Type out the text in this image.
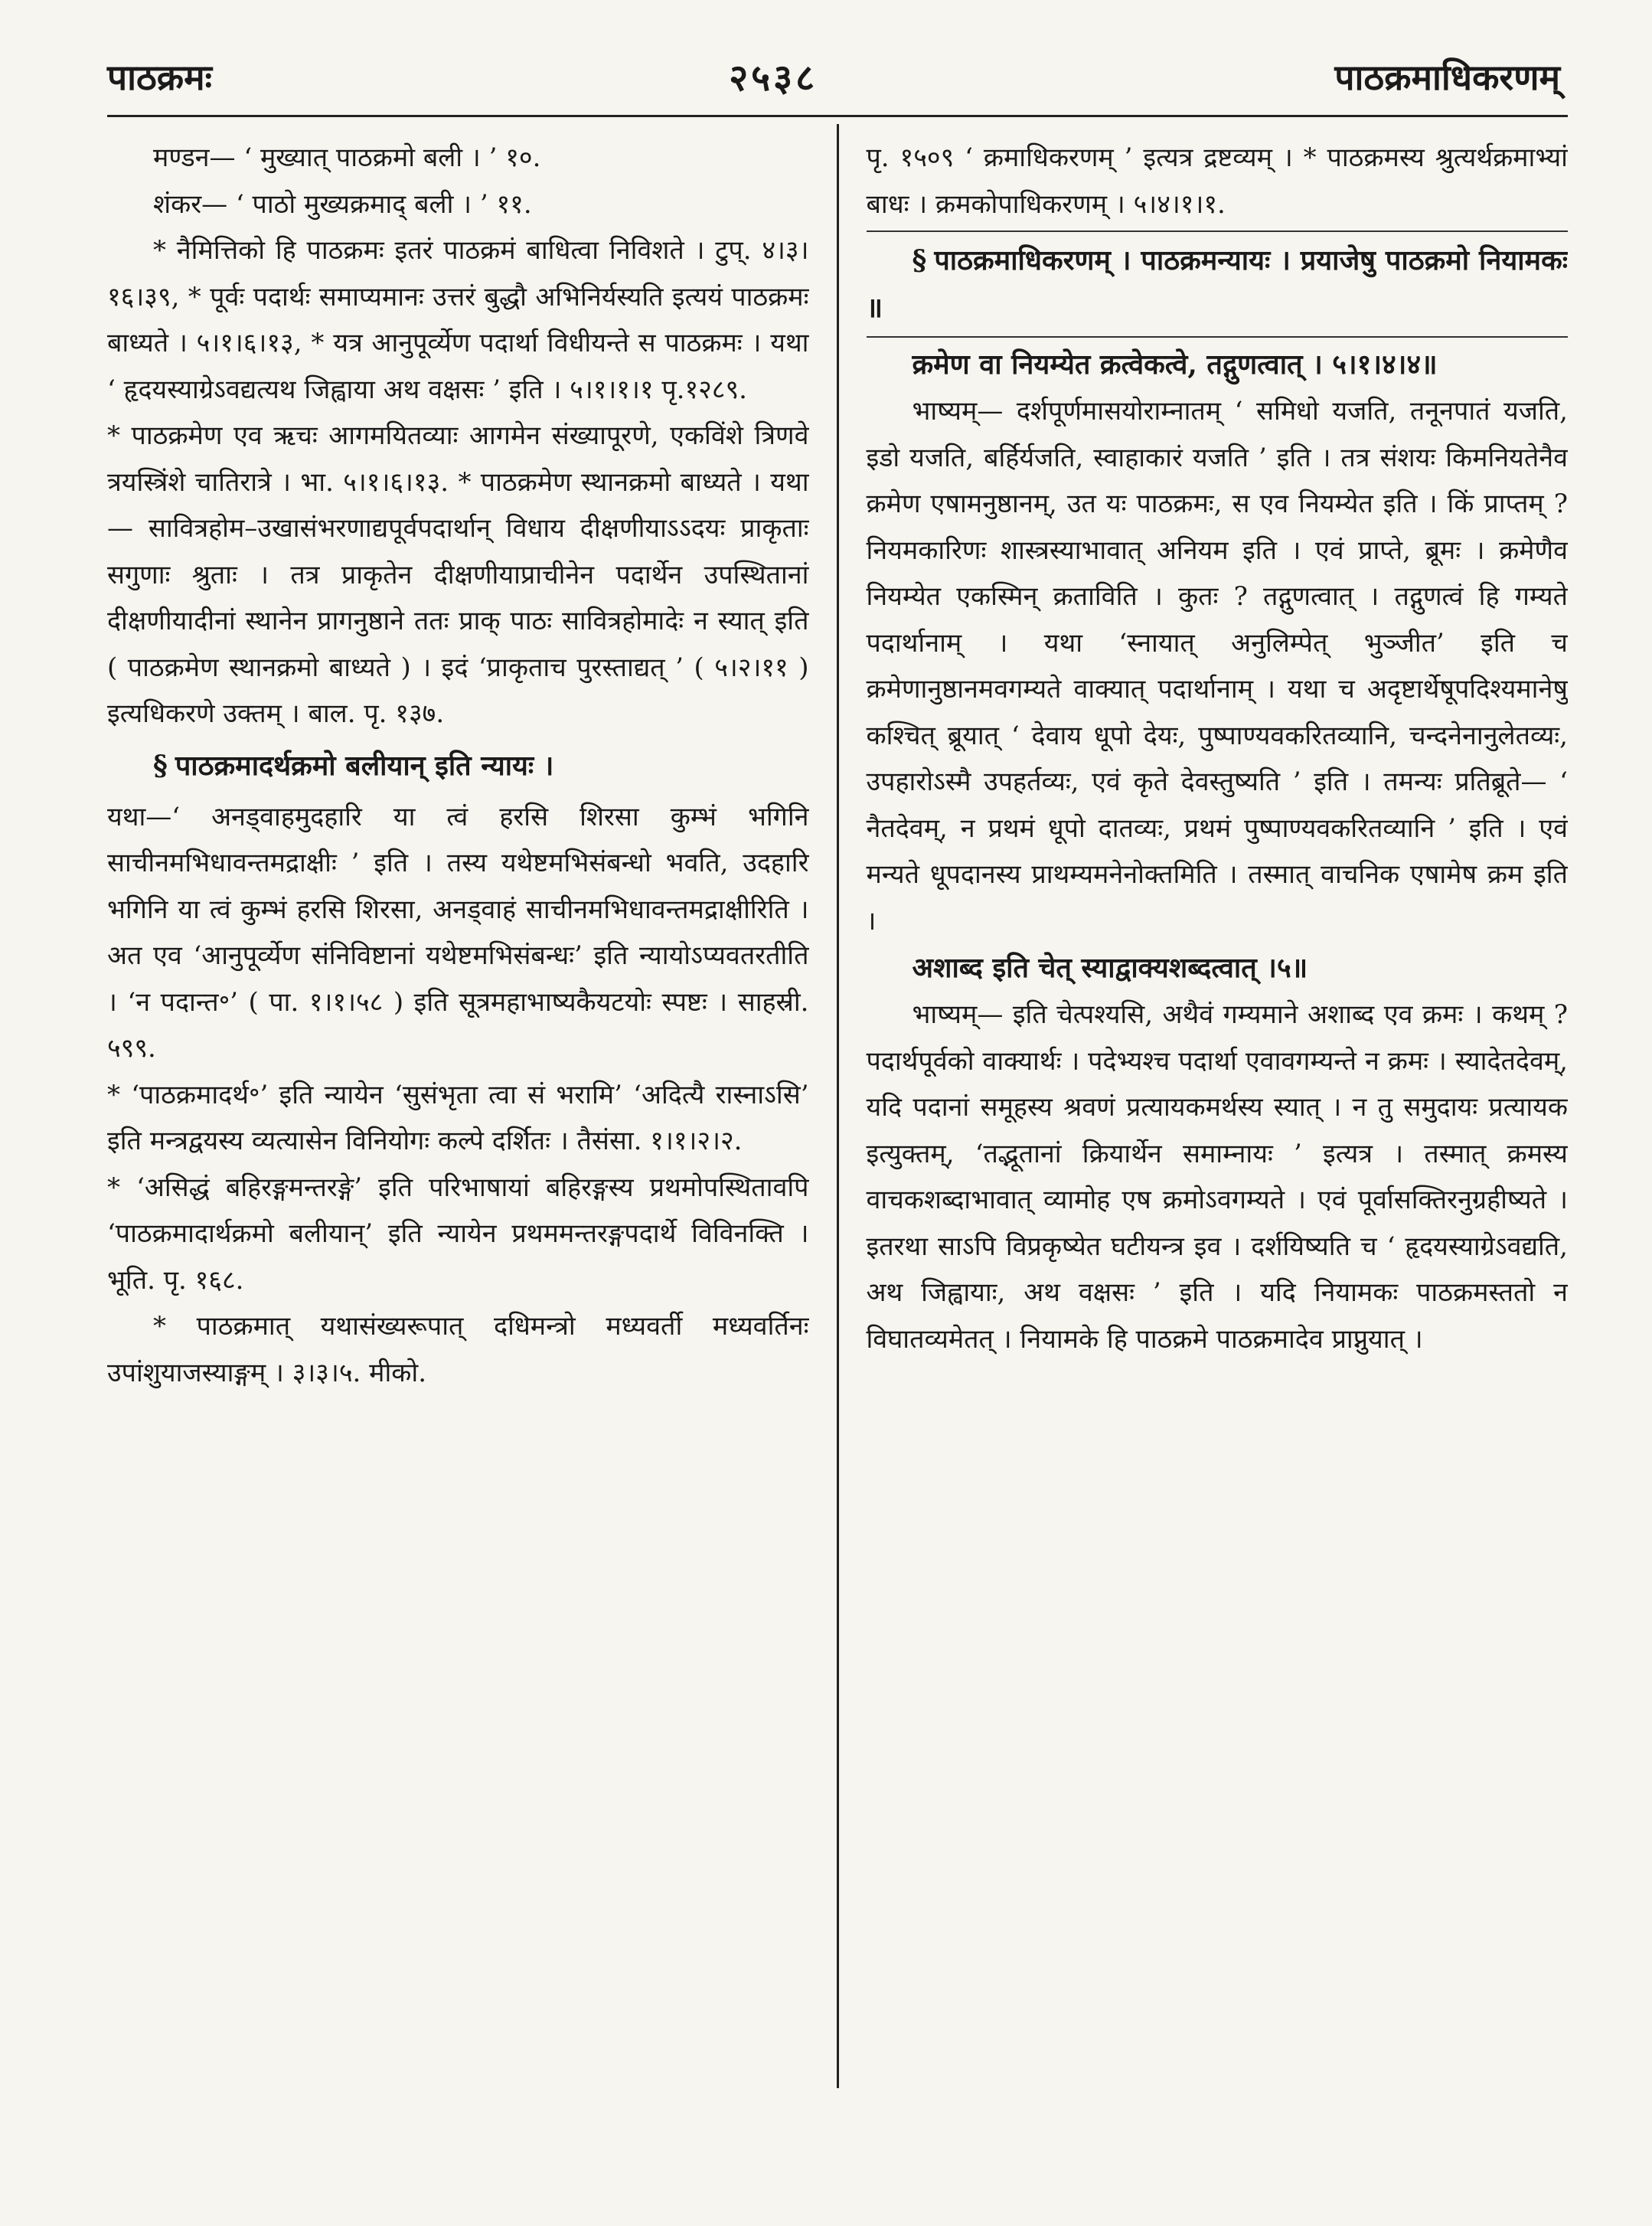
पाठक्रमः	२५३८	पाठक्रमाधिकरणम्

मण्डन— ‘ मुख्यात् पाठक्रमो बली । ’ १०.

शंकर— ‘ पाठो मुख्यक्रमाद् बली । ’ ११.

* नैमित्तिको हि पाठक्रमः इतरं पाठक्रमं बाधित्वा निविशते । टुप्. ४।३।१६।३९, * पूर्वः पदार्थः समाप्यमानः उत्तरं बुद्धौ अभिनिर्यस्यति इत्ययं पाठक्रमः बाध्यते । ५।१।६।१३, * यत्र आनुपूर्व्येण पदार्था विधीयन्ते स पाठक्रमः । यथा ‘ हृदयस्याग्रेऽवद्यत्यथ जिह्वाया अथ वक्षसः ’ इति । ५।१।१।१ पृ.१२८९.

* पाठक्रमेण एव ऋचः आगमयितव्याः आगमेन संख्यापूरणे, एकविंशे त्रिणवे त्रयस्त्रिंशे चातिरात्रे । भा. ५।१।६।१३. * पाठक्रमेण स्थानक्रमो बाध्यते । यथा— सावित्रहोम–उखासंभरणाद्यपूर्वपदार्थान् विधाय दीक्षणीयाऽऽदयः प्राकृताः सगुणाः श्रुताः । तत्र प्राकृतेन दीक्षणीयाप्राचीनेन पदार्थेन उपस्थितानां दीक्षणीयादीनां स्थानेन प्रागनुष्ठाने ततः प्राक् पाठः सावित्रहोमादेः न स्यात् इति ( पाठक्रमेण स्थानक्रमो बाध्यते ) । इदं ‘प्राकृताच पुरस्ताद्यत् ’ ( ५।२।११ ) इत्यधिकरणे उक्तम् । बाल. पृ. १३७.

§ पाठक्रमादर्थक्रमो बलीयान् इति न्यायः ।

यथा—‘ अनड्वाहमुदहारि या त्वं हरसि शिरसा कुम्भं भगिनि साचीनमभिधावन्तमद्राक्षीः ’ इति । तस्य यथेष्टमभिसंबन्धो भवति, उदहारि भगिनि या त्वं कुम्भं हरसि शिरसा, अनड्वाहं साचीनमभिधावन्तमद्राक्षीरिति । अत एव ‘आनुपूर्व्येण संनिविष्टानां यथेष्टमभिसंबन्धः’ इति न्यायोऽप्यवतरतीति । ‘न पदान्त॰’ ( पा. १।१।५८ ) इति सूत्रमहाभाष्यकैयटयोः स्पष्टः । साहस्री. ५९९.

* ‘पाठक्रमादर्थ॰’ इति न्यायेन ‘सुसंभृता त्वा सं भरामि’ ‘अदित्यै रास्नाऽसि’ इति मन्त्रद्वयस्य व्यत्यासेन विनियोगः कल्पे दर्शितः । तैसंसा. १।१।२।२.

* ‘असिद्धं बहिरङ्गमन्तरङ्गे’ इति परिभाषायां बहिरङ्गस्य प्रथमोपस्थितावपि ‘पाठक्रमादार्थक्रमो बलीयान्’ इति न्यायेन प्रथममन्तरङ्गपदार्थे विविनक्ति । भूति. पृ. १६८.

* पाठक्रमात् यथासंख्यरूपात् दधिमन्त्रो मध्यवर्ती मध्यवर्तिनः उपांशुयाजस्याङ्गम् । ३।३।५. मीको.

पृ. १५०९ ‘ क्रमाधिकरणम् ’ इत्यत्र द्रष्टव्यम् । * पाठक्रमस्य श्रुत्यर्थक्रमाभ्यां बाधः । क्रमकोपाधिकरणम् । ५।४।१।१.

§ पाठक्रमाधिकरणम् । पाठक्रमन्यायः । प्रयाजेषु पाठक्रमो नियामकः ॥

क्रमेण वा नियम्येत क्रत्वेकत्वे, तद्गुणत्वात् । ५।१।४।४॥

भाष्यम्— दर्शपूर्णमासयोराम्नातम् ‘ समिधो यजति, तनूनपातं यजति, इडो यजति, बर्हिर्यजति, स्वाहाकारं यजति ’ इति । तत्र संशयः किमनियतेनैव क्रमेण एषामनुष्ठानम्, उत यः पाठक्रमः, स एव नियम्येत इति । किं प्राप्तम् ? नियमकारिणः शास्त्रस्याभावात् अनियम इति । एवं प्राप्ते, ब्रूमः । क्रमेणैव नियम्येत एकस्मिन् क्रताविति । कुतः ? तद्गुणत्वात् । तद्गुणत्वं हि गम्यते पदार्थानाम् । यथा ‘स्नायात् अनुलिम्पेत् भुञ्जीत’ इति च क्रमेणानुष्ठानमवगम्यते वाक्यात् पदार्थानाम् । यथा च अदृष्टार्थेषूपदिश्यमानेषु कश्चित् ब्रूयात् ‘ देवाय धूपो देयः, पुष्पाण्यवकरितव्यानि, चन्दनेनानुलेतव्यः, उपहारोऽस्मै उपहर्तव्यः, एवं कृते देवस्तुष्यति ’ इति । तमन्यः प्रतिब्रूते— ‘ नैतदेवम्, न प्रथमं धूपो दातव्यः, प्रथमं पुष्पाण्यवकरितव्यानि ’ इति । एवं मन्यते धूपदानस्य प्राथम्यमनेनोक्तमिति । तस्मात् वाचनिक एषामेष क्रम इति ।

अशाब्द इति चेत् स्याद्वाक्यशब्दत्वात् ।५॥

भाष्यम्— इति चेत्पश्यसि, अथैवं गम्यमाने अशाब्द एव क्रमः । कथम् ? पदार्थपूर्वको वाक्यार्थः । पदेभ्यश्च पदार्था एवावगम्यन्ते न क्रमः । स्यादेतदेवम्, यदि पदानां समूहस्य श्रवणं प्रत्यायकमर्थस्य स्यात् । न तु समुदायः प्रत्यायक इत्युक्तम्, ‘तद्भूतानां क्रियार्थेन समाम्नायः ’ इत्यत्र । तस्मात् क्रमस्य वाचकशब्दाभावात् व्यामोह एष क्रमोऽवगम्यते । एवं पूर्वासक्तिरनुग्रहीष्यते । इतरथा साऽपि विप्रकृष्येत घटीयन्त्र इव । दर्शयिष्यति च ‘ हृदयस्याग्रेऽवद्यति, अथ जिह्वायाः, अथ वक्षसः ’ इति । यदि नियामकः पाठक्रमस्ततो न विघातव्यमेतत् । नियामके हि पाठक्रमे पाठक्रमादेव प्राप्नुयात् ।
